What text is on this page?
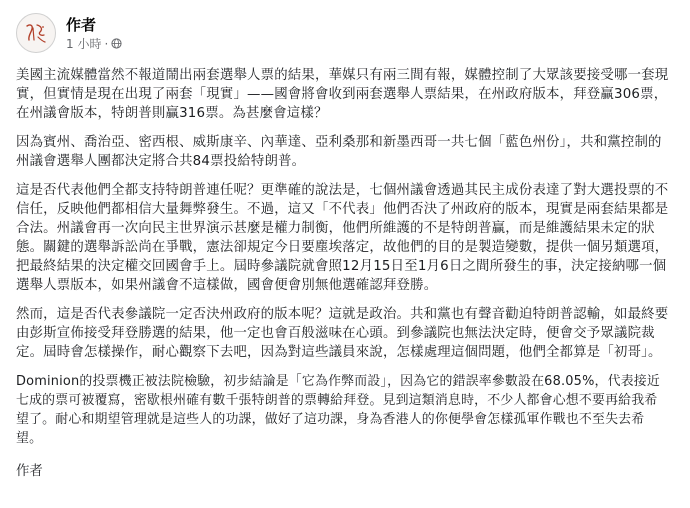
作者
1 小時 ·

美國主流媒體當然不報道鬧出兩套選舉人票的結果，華媒只有兩三間有報，媒體控制了大眾該要接受哪一套現實，但實情是現在出現了兩套「現實」——國會將會收到兩套選舉人票結果，在州政府版本，拜登贏306票，在州議會版本，特朗普則贏316票。為甚麼會這樣？

因為賓州、喬治亞、密西根、威斯康辛、內華達、亞利桑那和新墨西哥一共七個「藍色州份」，共和黨控制的州議會選舉人團都決定將合共84票投給特朗普。

這是否代表他們全都支持特朗普連任呢？更準確的說法是，七個州議會透過其民主成份表達了對大選投票的不信任，反映他們都相信大量舞弊發生。不過，這又「不代表」他們否決了州政府的版本，現實是兩套結果都是合法。州議會再一次向民主世界演示甚麼是權力制衡，他們所維護的不是特朗普贏，而是維護結果未定的狀態。關鍵的選舉訴訟尚在爭戰，憲法卻規定今日要塵埃落定，故他們的目的是製造變數，提供一個另類選項，把最終結果的決定權交回國會手上。屆時參議院就會照12月15日至1月6日之間所發生的事，決定接納哪一個選舉人票版本，如果州議會不這樣做，國會便會別無他選確認拜登勝。

然而，這是否代表參議院一定否決州政府的版本呢？這就是政治。共和黨也有聲音勸迫特朗普認輸，如最終要由彭斯宣佈接受拜登勝選的結果，他一定也會百般滋味在心頭。到參議院也無法決定時，便會交予眾議院裁定。屆時會怎樣操作，耐心觀察下去吧，因為對這些議員來說，怎樣處理這個問題，他們全都算是「初哥」。

Dominion的投票機正被法院檢驗，初步結論是「它為作弊而設」，因為它的錯誤率參數設在68.05%，代表接近七成的票可被覆寫，密歇根州確有數千張特朗普的票轉給拜登。見到這類消息時，不少人都會心想不要再給我希望了。耐心和期望管理就是這些人的功課，做好了這功課，身為香港人的你便學會怎樣孤軍作戰也不至失去希望。

作者
